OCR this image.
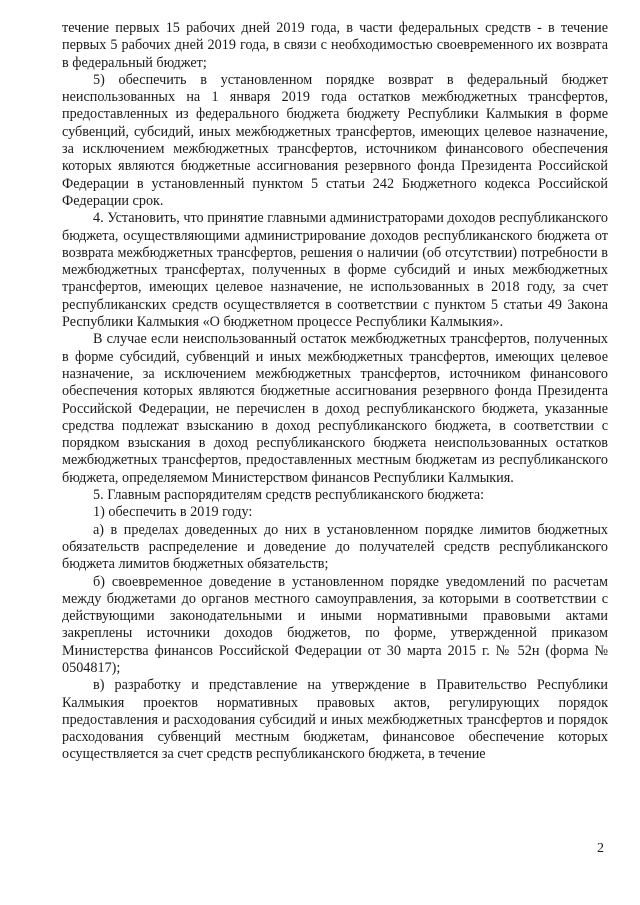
течение первых 15 рабочих дней 2019 года, в части федеральных средств - в течение первых 5 рабочих дней 2019 года, в связи с необходимостью своевременного их возврата в федеральный бюджет;

5) обеспечить в установленном порядке возврат в федеральный бюджет неиспользованных на 1 января 2019 года остатков межбюджетных трансфертов, предоставленных из федерального бюджета бюджету Республики Калмыкия в форме субвенций, субсидий, иных межбюджетных трансфертов, имеющих целевое назначение, за исключением межбюджетных трансфертов, источником финансового обеспечения которых являются бюджетные ассигнования резервного фонда Президента Российской Федерации в установленный пунктом 5 статьи 242 Бюджетного кодекса Российской Федерации срок.

4. Установить, что принятие главными администраторами доходов республиканского бюджета, осуществляющими администрирование доходов республиканского бюджета от возврата межбюджетных трансфертов, решения о наличии (об отсутствии) потребности в межбюджетных трансфертах, полученных в форме субсидий и иных межбюджетных трансфертов, имеющих целевое назначение, не использованных в 2018 году, за счет республиканских средств осуществляется в соответствии с пунктом 5 статьи 49 Закона Республики Калмыкия «О бюджетном процессе Республики Калмыкия».

В случае если неиспользованный остаток межбюджетных трансфертов, полученных в форме субсидий, субвенций и иных межбюджетных трансфертов, имеющих целевое назначение, за исключением межбюджетных трансфертов, источником финансового обеспечения которых являются бюджетные ассигнования резервного фонда Президента Российской Федерации, не перечислен в доход республиканского бюджета, указанные средства подлежат взысканию в доход республиканского бюджета, в соответствии с порядком взыскания в доход республиканского бюджета неиспользованных остатков межбюджетных трансфертов, предоставленных местным бюджетам из республиканского бюджета, определяемом Министерством финансов Республики Калмыкия.

5. Главным распорядителям средств республиканского бюджета:

1) обеспечить в 2019 году:

а) в пределах доведенных до них в установленном порядке лимитов бюджетных обязательств распределение и доведение до получателей средств республиканского бюджета лимитов бюджетных обязательств;

б) своевременное доведение в установленном порядке уведомлений по расчетам между бюджетами до органов местного самоуправления, за которыми в соответствии с действующими законодательными и иными нормативными правовыми актами закреплены источники доходов бюджетов, по форме, утвержденной приказом Министерства финансов Российской Федерации от 30 марта 2015 г. № 52н (форма № 0504817);

в) разработку и представление на утверждение в Правительство Республики Калмыкия проектов нормативных правовых актов, регулирующих порядок предоставления и расходования субсидий и иных межбюджетных трансфертов и порядок расходования субвенций местным бюджетам, финансовое обеспечение которых осуществляется за счет средств республиканского бюджета, в течение

2
